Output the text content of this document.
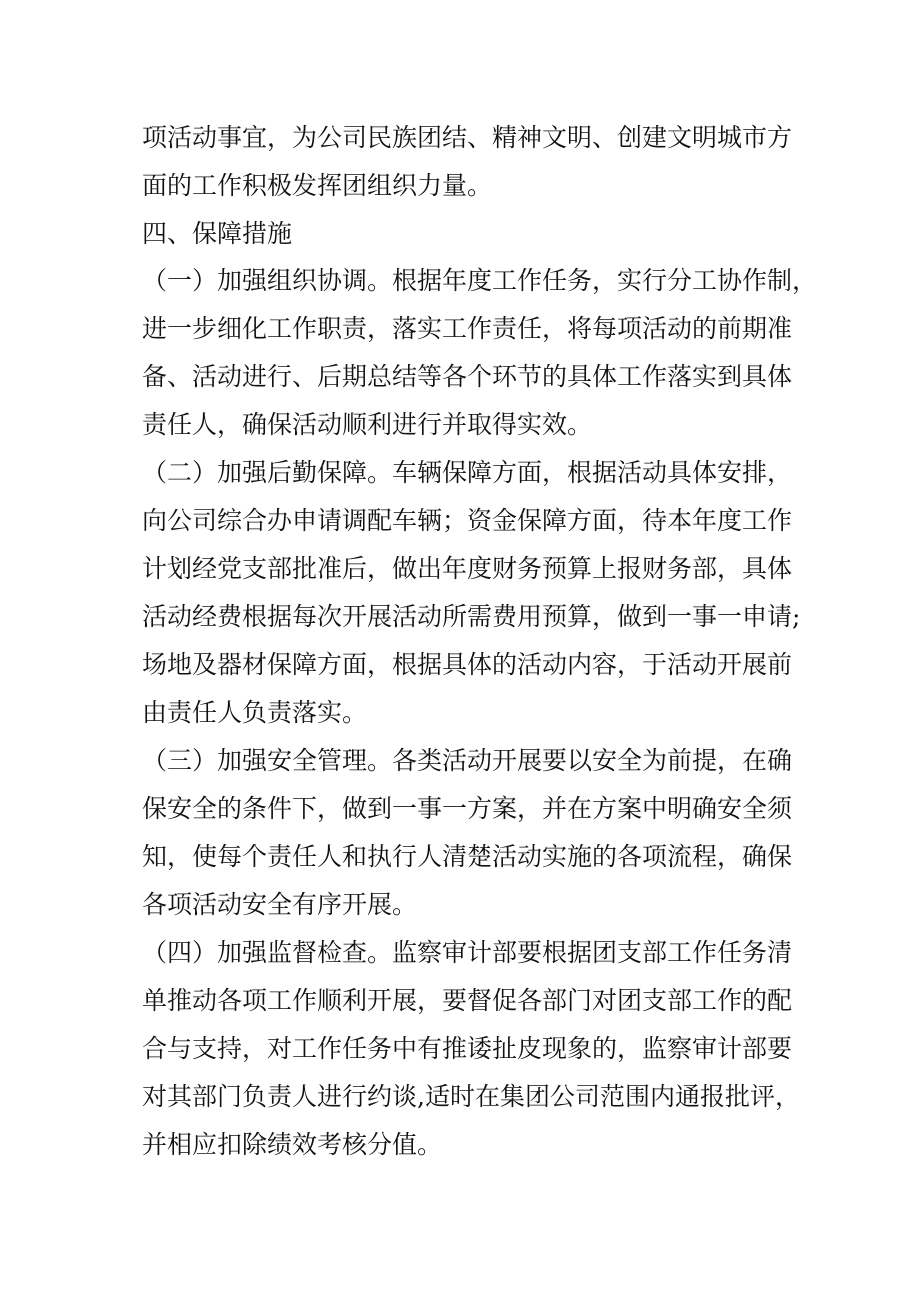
项活动事宜，为公司民族团结、精神文明、创建文明城市方
面的工作积极发挥团组织力量。
四、保障措施
（一）加强组织协调。根据年度工作任务，实行分工协作制，
进一步细化工作职责，落实工作责任，将每项活动的前期准
备、活动进行、后期总结等各个环节的具体工作落实到具体
责任人，确保活动顺利进行并取得实效。
（二）加强后勤保障。车辆保障方面，根据活动具体安排，
向公司综合办申请调配车辆；资金保障方面，待本年度工作
计划经党支部批准后，做出年度财务预算上报财务部，具体
活动经费根据每次开展活动所需费用预算，做到一事一申请;
场地及器材保障方面，根据具体的活动内容，于活动开展前
由责任人负责落实。
（三）加强安全管理。各类活动开展要以安全为前提，在确
保安全的条件下，做到一事一方案，并在方案中明确安全须
知，使每个责任人和执行人清楚活动实施的各项流程，确保
各项活动安全有序开展。
（四）加强监督检查。监察审计部要根据团支部工作任务清
单推动各项工作顺利开展，要督促各部门对团支部工作的配
合与支持，对工作任务中有推诿扯皮现象的，监察审计部要
对其部门负责人进行约谈,适时在集团公司范围内通报批评，
并相应扣除绩效考核分值。
